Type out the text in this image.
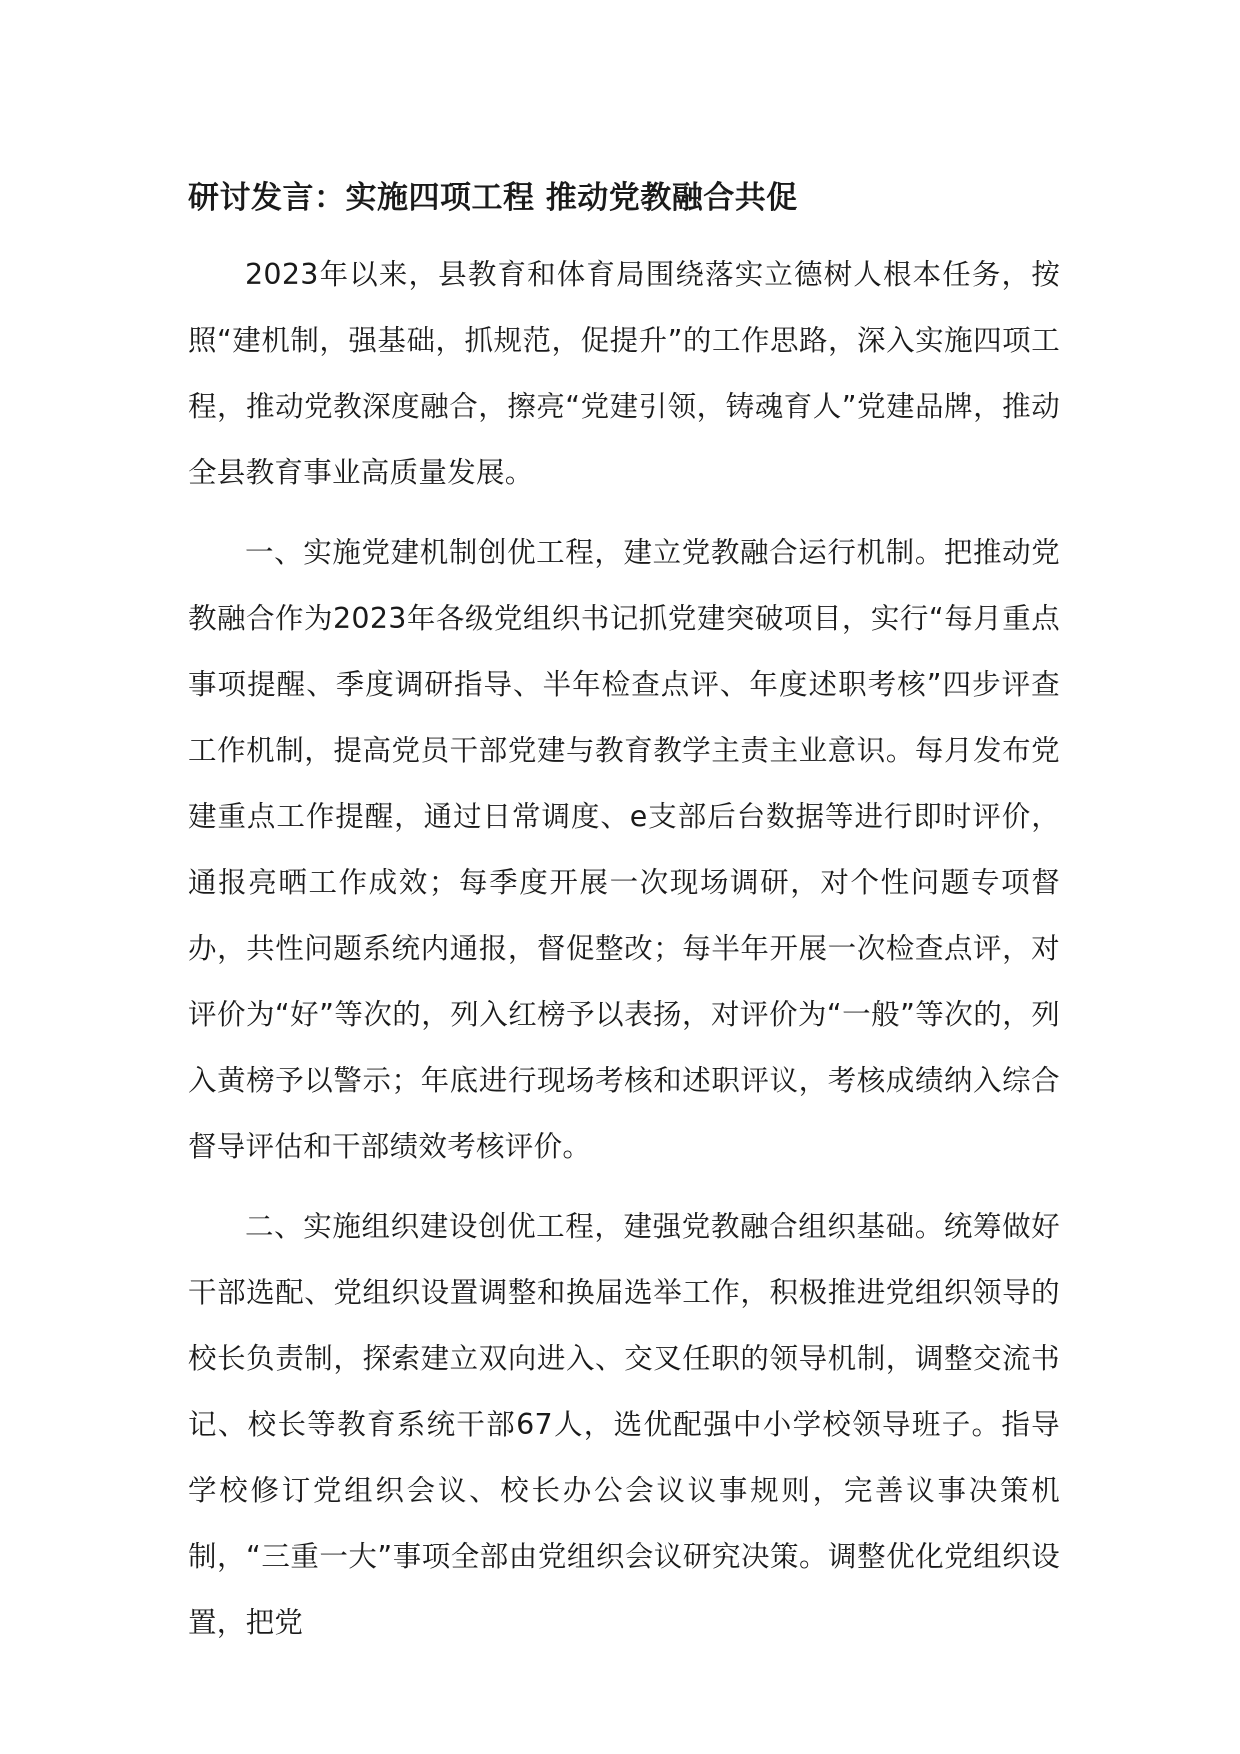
研讨发言：实施四项工程 推动党教融合共促

2023年以来，县教育和体育局围绕落实立德树人根本任务，按照“建机制，强基础，抓规范，促提升”的工作思路，深入实施四项工程，推动党教深度融合，擦亮“党建引领，铸魂育人”党建品牌，推动全县教育事业高质量发展。

一、实施党建机制创优工程，建立党教融合运行机制。把推动党教融合作为2023年各级党组织书记抓党建突破项目，实行“每月重点事项提醒、季度调研指导、半年检查点评、年度述职考核”四步评查工作机制，提高党员干部党建与教育教学主责主业意识。每月发布党建重点工作提醒，通过日常调度、e支部后台数据等进行即时评价，通报亮晒工作成效；每季度开展一次现场调研，对个性问题专项督办，共性问题系统内通报，督促整改；每半年开展一次检查点评，对评价为“好”等次的，列入红榜予以表扬，对评价为“一般”等次的，列入黄榜予以警示；年底进行现场考核和述职评议，考核成绩纳入综合督导评估和干部绩效考核评价。

二、实施组织建设创优工程，建强党教融合组织基础。统筹做好干部选配、党组织设置调整和换届选举工作，积极推进党组织领导的校长负责制，探索建立双向进入、交叉任职的领导机制，调整交流书记、校长等教育系统干部67人，选优配强中小学校领导班子。指导学校修订党组织会议、校长办公会议议事规则，完善议事决策机制，“三重一大”事项全部由党组织会议研究决策。调整优化党组织设置，把党
